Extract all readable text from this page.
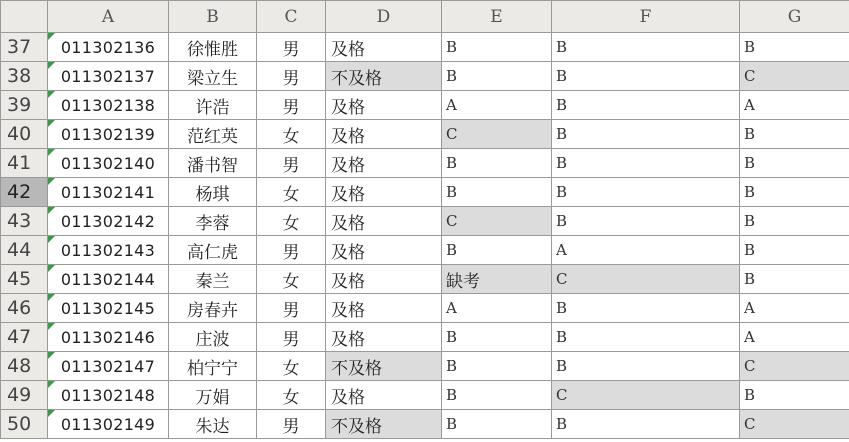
	A	B	C	D	E	F	G
37	011302136	徐惟胜	男	及格	B	B	B
38	011302137	梁立生	男	不及格	B	B	C
39	011302138	许浩	男	及格	A	B	A
40	011302139	范红英	女	及格	C	B	B
41	011302140	潘书智	男	及格	B	B	B
42	011302141	杨琪	女	及格	B	B	B
43	011302142	李蓉	女	及格	C	B	B
44	011302143	高仁虎	男	及格	B	A	B
45	011302144	秦兰	女	及格	缺考	C	B
46	011302145	房春卉	男	及格	A	B	A
47	011302146	庄波	男	及格	B	B	A
48	011302147	柏宁宁	女	不及格	B	B	C
49	011302148	万娟	女	及格	B	C	B
50	011302149	朱达	男	不及格	B	B	C
